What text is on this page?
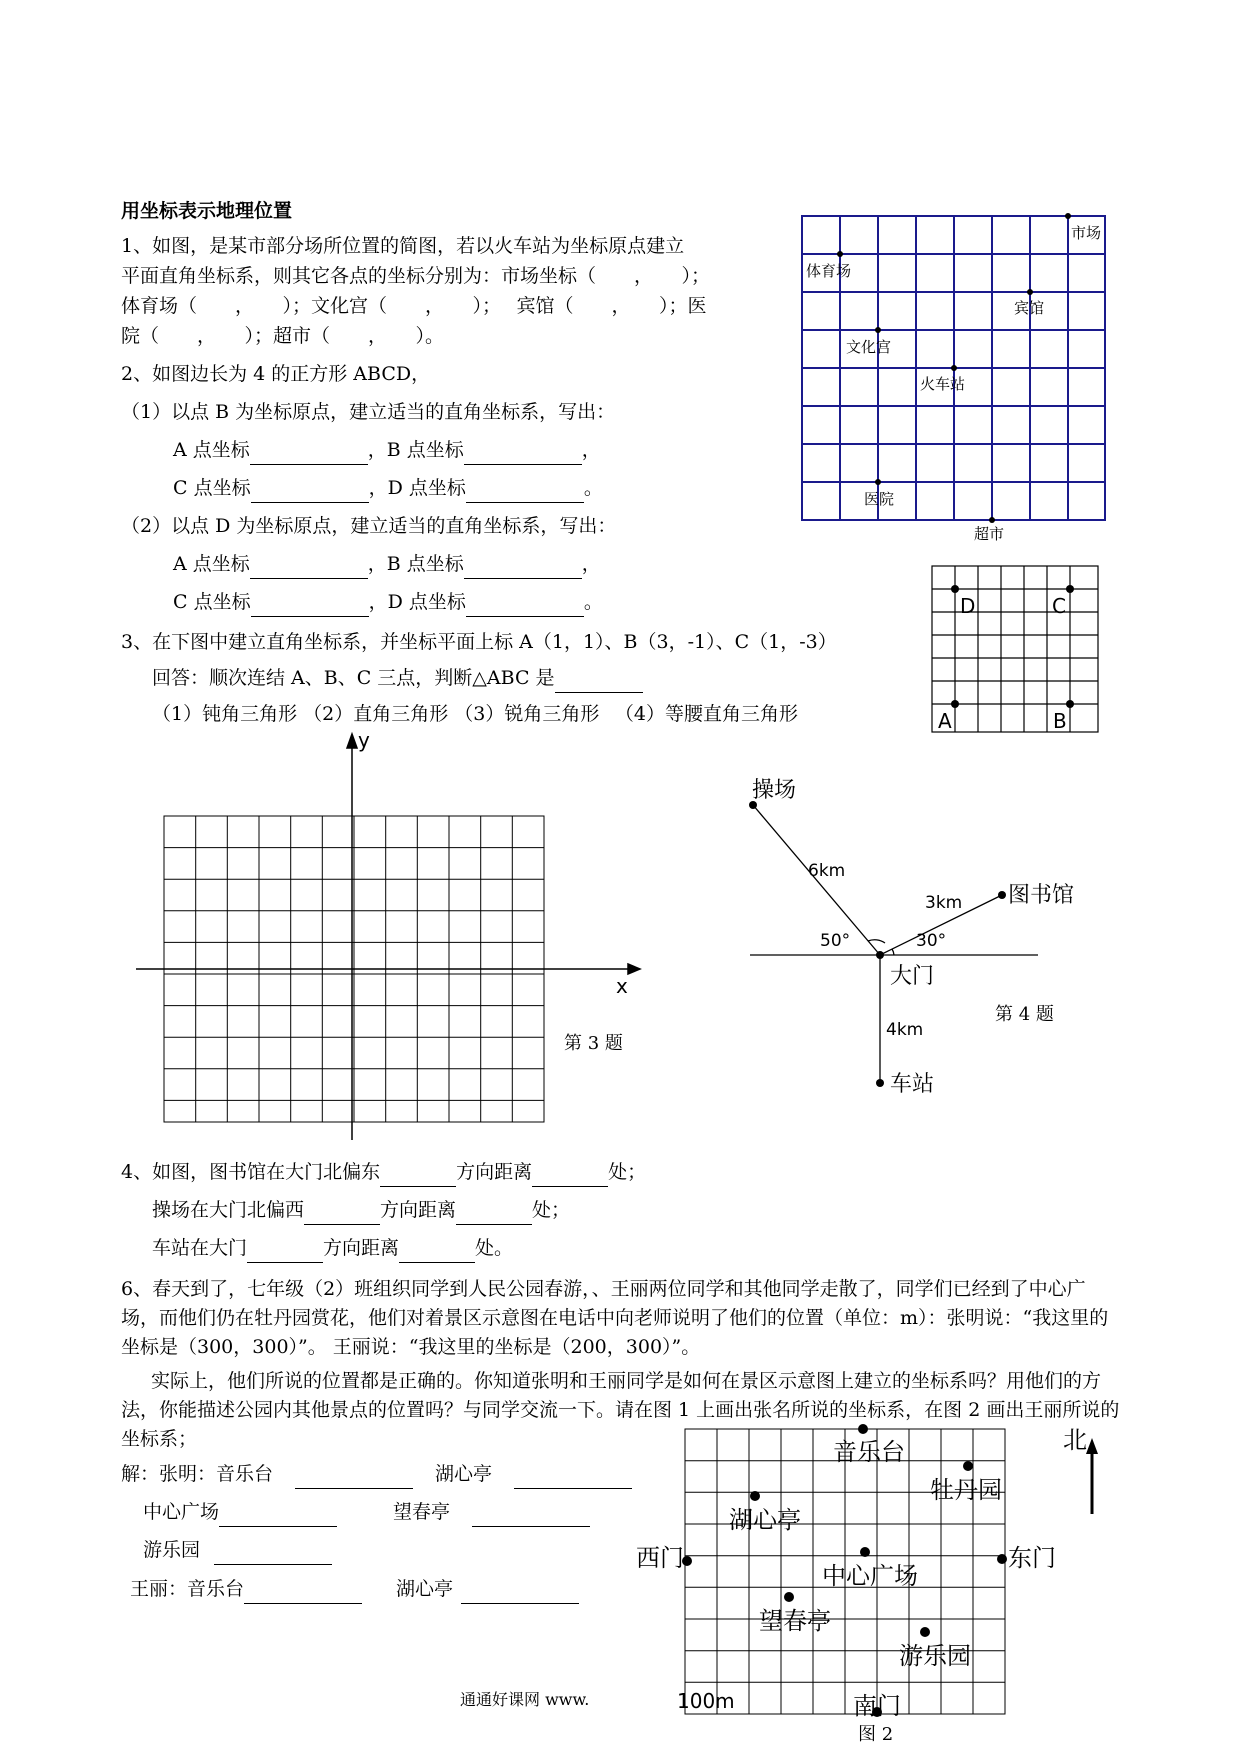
用坐标表示地理位置
1、如图，是某市部分场所位置的简图，若以火车站为坐标原点建立
平面直角坐标系，则其它各点的坐标分别为：市场坐标（　　，　　）；
体育场（　　，　　）；文化宫（　　，　　）；　 宾馆（　　，　　）；医
院（　　，　　）；超市（　　，　　）。
2、如图边长为 4 的正方形 ABCD，
（1）以点 B 为坐标原点，建立适当的直角坐标系，写出：
A 点坐标	，B 点坐标	，
C 点坐标	，D 点坐标	。
（2）以点 D 为坐标原点，建立适当的直角坐标系，写出：
A 点坐标	，B 点坐标	，
C 点坐标	，D 点坐标	。
3、在下图中建立直角坐标系，并坐标平面上标 A（1，1）、B（3，-1）、C（1，-3）
回答：顺次连结 A、B、C 三点，判断△ABC 是
（1）钝角三角形 （2）直角三角形 （3）锐角三角形 　（4）等腰直角三角形
市场
体育场
宾馆
文化宫
火车站
医院
超市
D	C
A	B
x
y
第 3 题
操场
图书馆
大门
车站
6km
3km
4km
50°	30°
第 4 题
4、如图，图书馆在大门北偏东	方向距离	处；
操场在大门北偏西	方向距离	处；
车站在大门	方向距离	处。
6、春天到了，七年级（2）班组织同学到人民公园春游，、王丽两位同学和其他同学走散了，同学们已经到了中心广场，而他们仍在牡丹园赏花，他们对着景区示意图在电话中向老师说明了他们的位置（单位：m）：张明说：“我这里的坐标是（300，300）”。 王丽说：“我这里的坐标是（200，300）”。
实际上，他们所说的位置都是正确的。你知道张明和王丽同学是如何在景区示意图上建立的坐标系吗？用他们的方法，你能描述公园内其他景点的位置吗？与同学交流一下。请在图 1 上画出张名所说的坐标系，在图 2 画出王丽所说的坐标系；
解：张明：音乐台	湖心亭
中心广场	望春亭
游乐园
王丽：音乐台	湖心亭
音乐台
牡丹园
湖心亭
西门
中心广场
东门
望春亭
游乐园
南门
北
100m
图 2
通通好课网 www.
